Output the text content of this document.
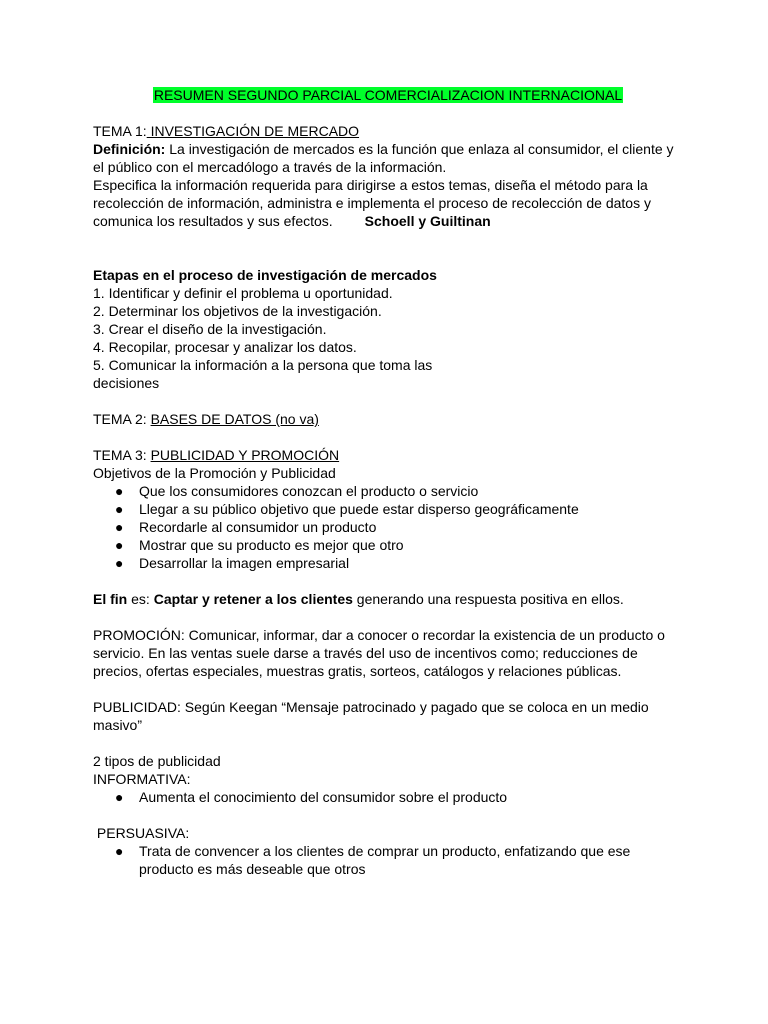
RESUMEN SEGUNDO PARCIAL COMERCIALIZACION INTERNACIONAL

TEMA 1: INVESTIGACIÓN DE MERCADO

Definición: La investigación de mercados es la función que enlaza al consumidor, el cliente y el público con el mercadólogo a través de la información.

Especifica la información requerida para dirigirse a estos temas, diseña el método para la recolección de información, administra e implementa el proceso de recolección de datos y comunica los resultados y sus efectos. Schoell y Guiltinan

Etapas en el proceso de investigación de mercados

1. Identificar y definir el problema u oportunidad.

2. Determinar los objetivos de la investigación.

3. Crear el diseño de la investigación.

4. Recopilar, procesar y analizar los datos.

5. Comunicar la información a la persona que toma las decisiones

TEMA 2: BASES DE DATOS (no va)

TEMA 3: PUBLICIDAD Y PROMOCIÓN

Objetivos de la Promoción y Publicidad

● Que los consumidores conozcan el producto o servicio
● Llegar a su público objetivo que puede estar disperso geográficamente
● Recordarle al consumidor un producto
● Mostrar que su producto es mejor que otro
● Desarrollar la imagen empresarial

El fin es: Captar y retener a los clientes generando una respuesta positiva en ellos.

PROMOCIÓN: Comunicar, informar, dar a conocer o recordar la existencia de un producto o servicio. En las ventas suele darse a través del uso de incentivos como; reducciones de precios, ofertas especiales, muestras gratis, sorteos, catálogos y relaciones públicas.

PUBLICIDAD: Según Keegan “Mensaje patrocinado y pagado que se coloca en un medio masivo”

2 tipos de publicidad

INFORMATIVA:

● Aumenta el conocimiento del consumidor sobre el producto

PERSUASIVA:

● Trata de convencer a los clientes de comprar un producto, enfatizando que ese producto es más deseable que otros
